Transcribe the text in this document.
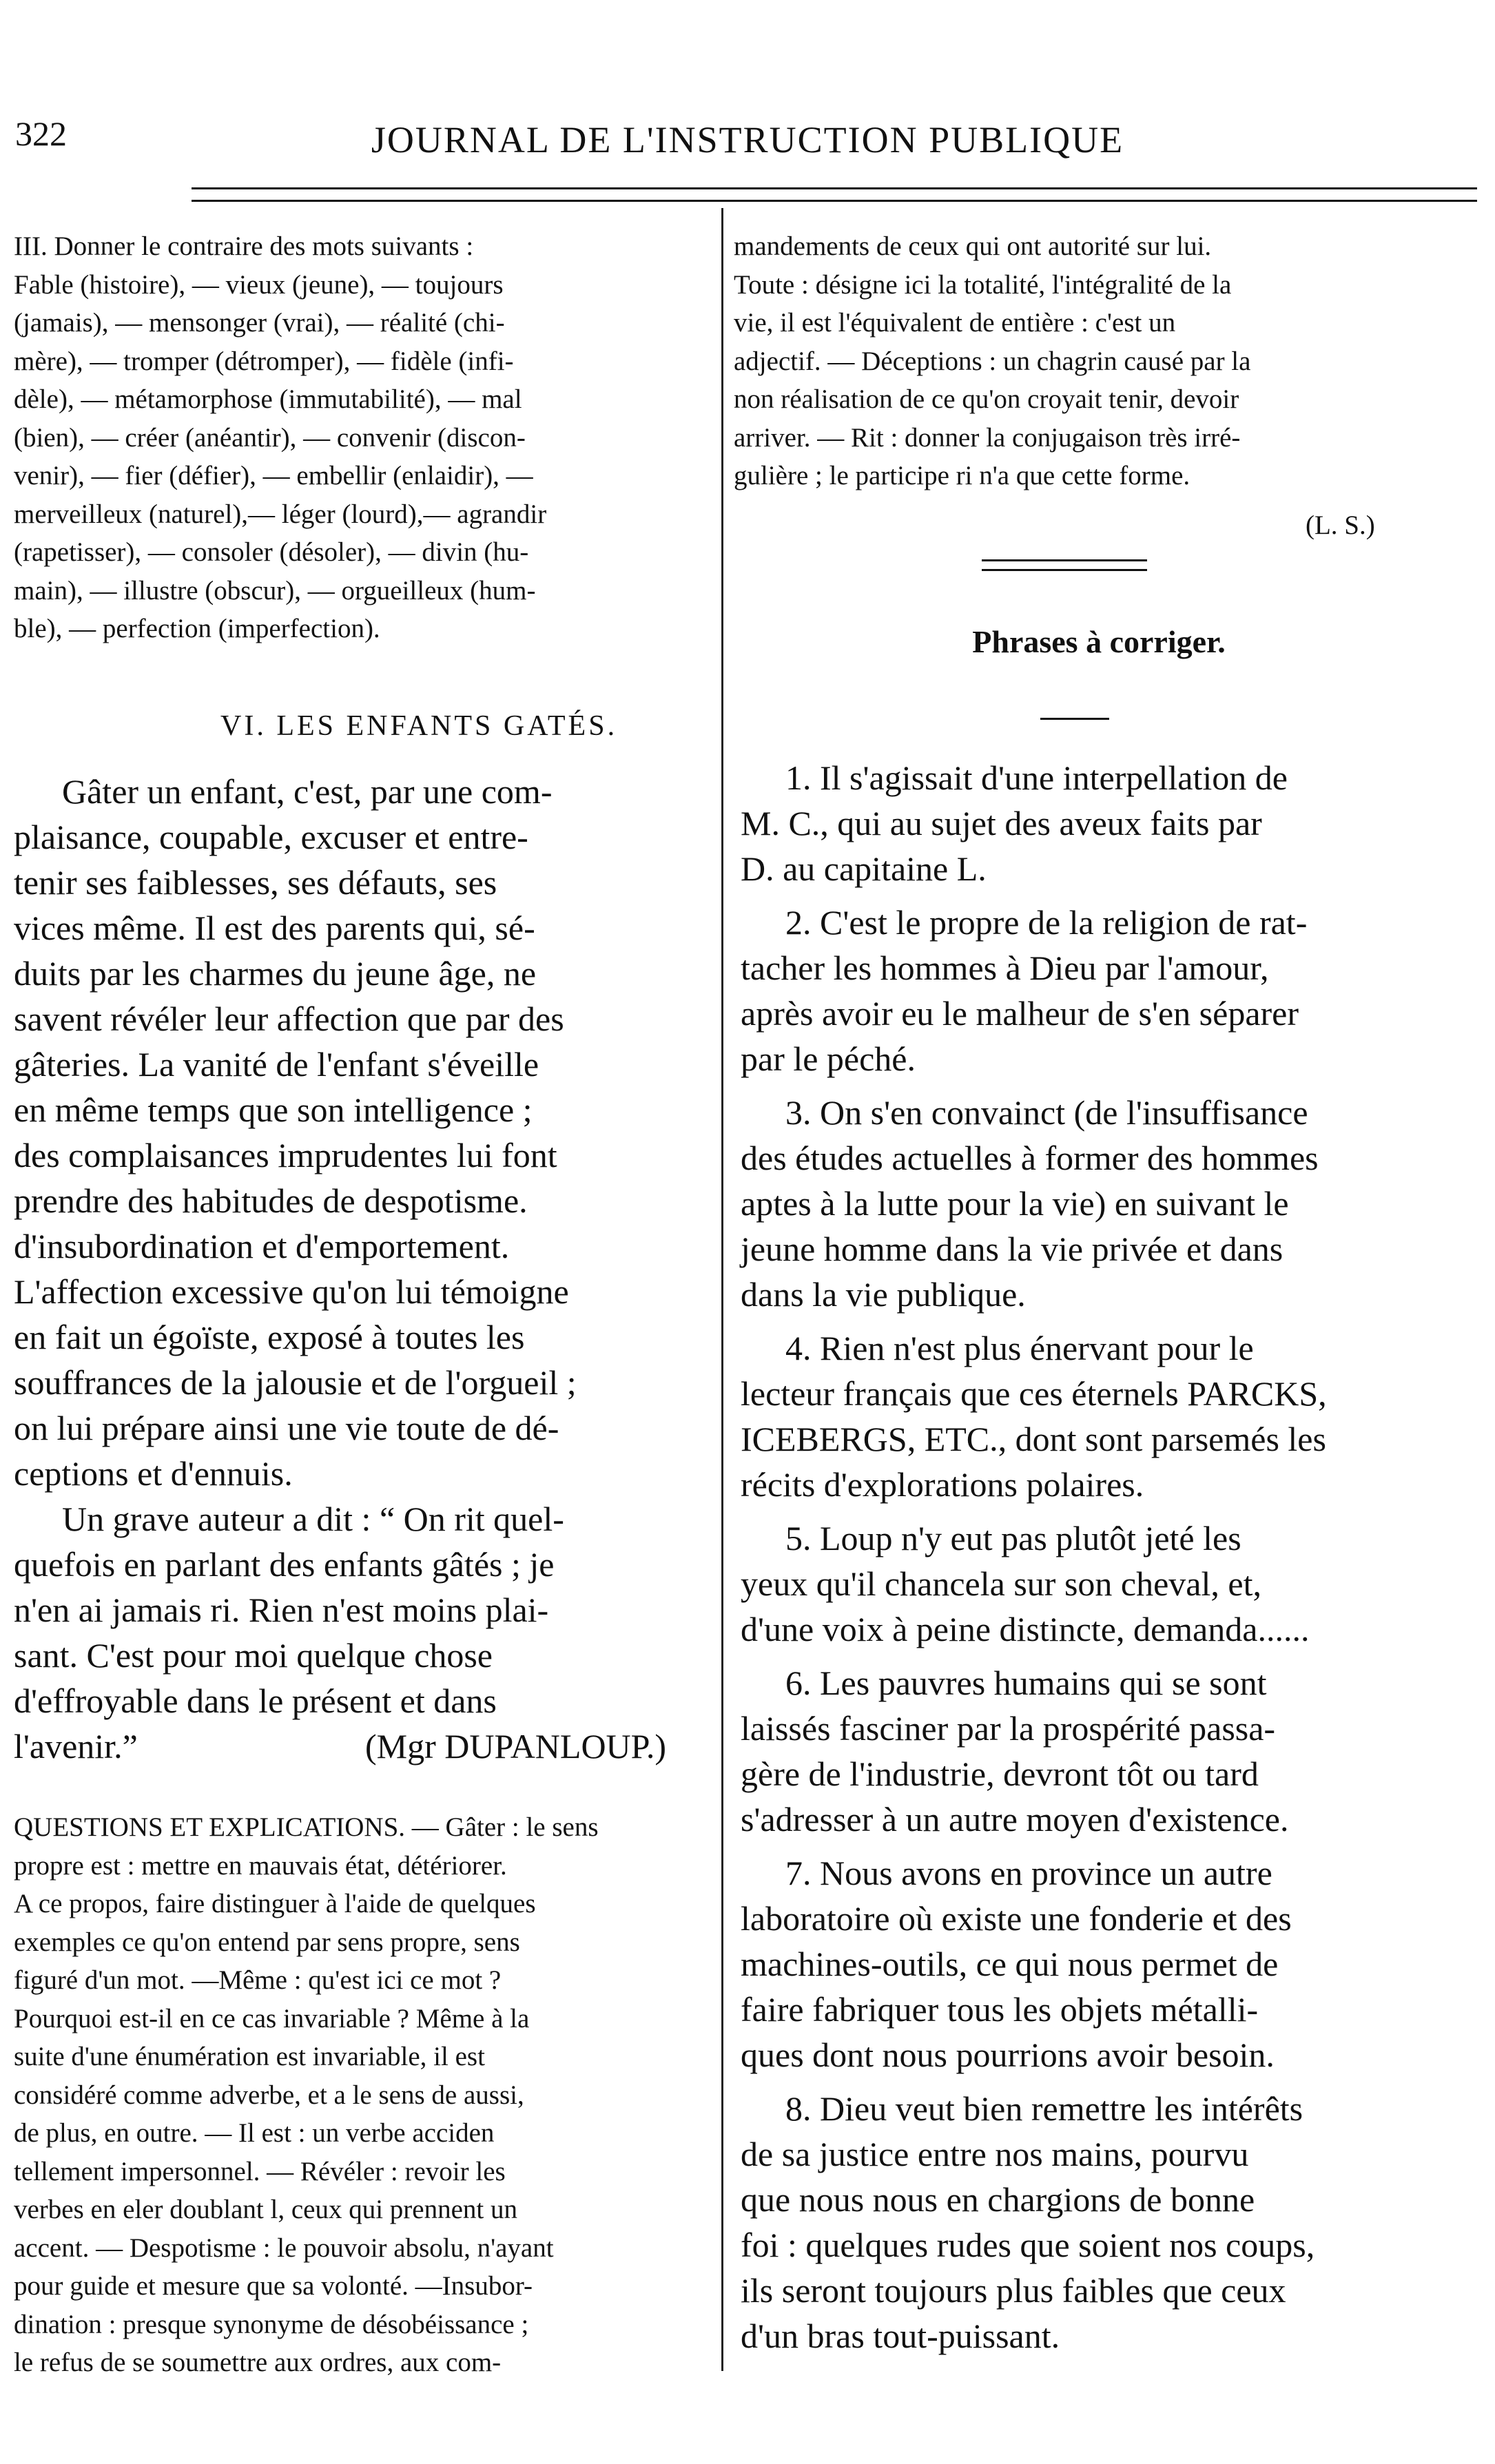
322	JOURNAL DE L'INSTRUCTION PUBLIQUE
III. Donner le contraire des mots suivants :
Fable (histoire), — vieux (jeune), — toujours
(jamais), — mensonger (vrai), — réalité (chi-
mère), — tromper (détromper), — fidèle (infi-
dèle), — métamorphose (immutabilité), — mal
(bien), — créer (anéantir), — convenir (discon-
venir), — fier (défier), — embellir (enlaidir), —
merveilleux (naturel),— léger (lourd),— agrandir
(rapetisser), — consoler (désoler), — divin (hu-
main), — illustre (obscur), — orgueilleux (hum-
ble), — perfection (imperfection).
VI. LES ENFANTS GATÉS.
Gâter un enfant, c'est, par une com-
plaisance, coupable, excuser et entre-
tenir ses faiblesses, ses défauts, ses
vices même. Il est des parents qui, sé-
duits par les charmes du jeune âge, ne
savent révéler leur affection que par des
gâteries. La vanité de l'enfant s'éveille
en même temps que son intelligence ;
des complaisances imprudentes lui font
prendre des habitudes de despotisme.
d'insubordination et d'emportement.
L'affection excessive qu'on lui témoigne
en fait un égoïste, exposé à toutes les
souffrances de la jalousie et de l'orgueil ;
on lui prépare ainsi une vie toute de dé-
ceptions et d'ennuis.
Un grave auteur a dit : “ On rit quel-
quefois en parlant des enfants gâtés ; je
n'en ai jamais ri. Rien n'est moins plai-
sant. C'est pour moi quelque chose
d'effroyable dans le présent et dans
l'avenir.”	(Mgr DUPANLOUP.)
QUESTIONS ET EXPLICATIONS. — Gâter : le sens
propre est : mettre en mauvais état, détériorer.
A ce propos, faire distinguer à l'aide de quelques
exemples ce qu'on entend par sens propre, sens
figuré d'un mot. —Même : qu'est ici ce mot ?
Pourquoi est-il en ce cas invariable ? Même à la
suite d'une énumération est invariable, il est
considéré comme adverbe, et a le sens de aussi,
de plus, en outre. — Il est : un verbe acciden
tellement impersonnel. — Révéler : revoir les
verbes en eler doublant l, ceux qui prennent un
accent. — Despotisme : le pouvoir absolu, n'ayant
pour guide et mesure que sa volonté. —Insubor-
dination : presque synonyme de désobéissance ;
le refus de se soumettre aux ordres, aux com-
mandements de ceux qui ont autorité sur lui.
Toute : désigne ici la totalité, l'intégralité de la
vie, il est l'équivalent de entière : c'est un
adjectif. — Déceptions : un chagrin causé par la
non réalisation de ce qu'on croyait tenir, devoir
arriver. — Rit : donner la conjugaison très irré-
gulière ; le participe ri n'a que cette forme.
(L. S.)
Phrases à corriger.
1. Il s'agissait d'une interpellation de
M. C., qui au sujet des aveux faits par
D. au capitaine L.
2. C'est le propre de la religion de rat-
tacher les hommes à Dieu par l'amour,
après avoir eu le malheur de s'en séparer
par le péché.
3. On s'en convainct (de l'insuffisance
des études actuelles à former des hommes
aptes à la lutte pour la vie) en suivant le
jeune homme dans la vie privée et dans
dans la vie publique.
4. Rien n'est plus énervant pour le
lecteur français que ces éternels PARCKS,
ICEBERGS, ETC., dont sont parsemés les
récits d'explorations polaires.
5. Loup n'y eut pas plutôt jeté les
yeux qu'il chancela sur son cheval, et,
d'une voix à peine distincte, demanda......
6. Les pauvres humains qui se sont
laissés fasciner par la prospérité passa-
gère de l'industrie, devront tôt ou tard
s'adresser à un autre moyen d'existence.
7. Nous avons en province un autre
laboratoire où existe une fonderie et des
machines-outils, ce qui nous permet de
faire fabriquer tous les objets métalli-
ques dont nous pourrions avoir besoin.
8. Dieu veut bien remettre les intérêts
de sa justice entre nos mains, pourvu
que nous nous en chargions de bonne
foi : quelques rudes que soient nos coups,
ils seront toujours plus faibles que ceux
d'un bras tout-puissant.
